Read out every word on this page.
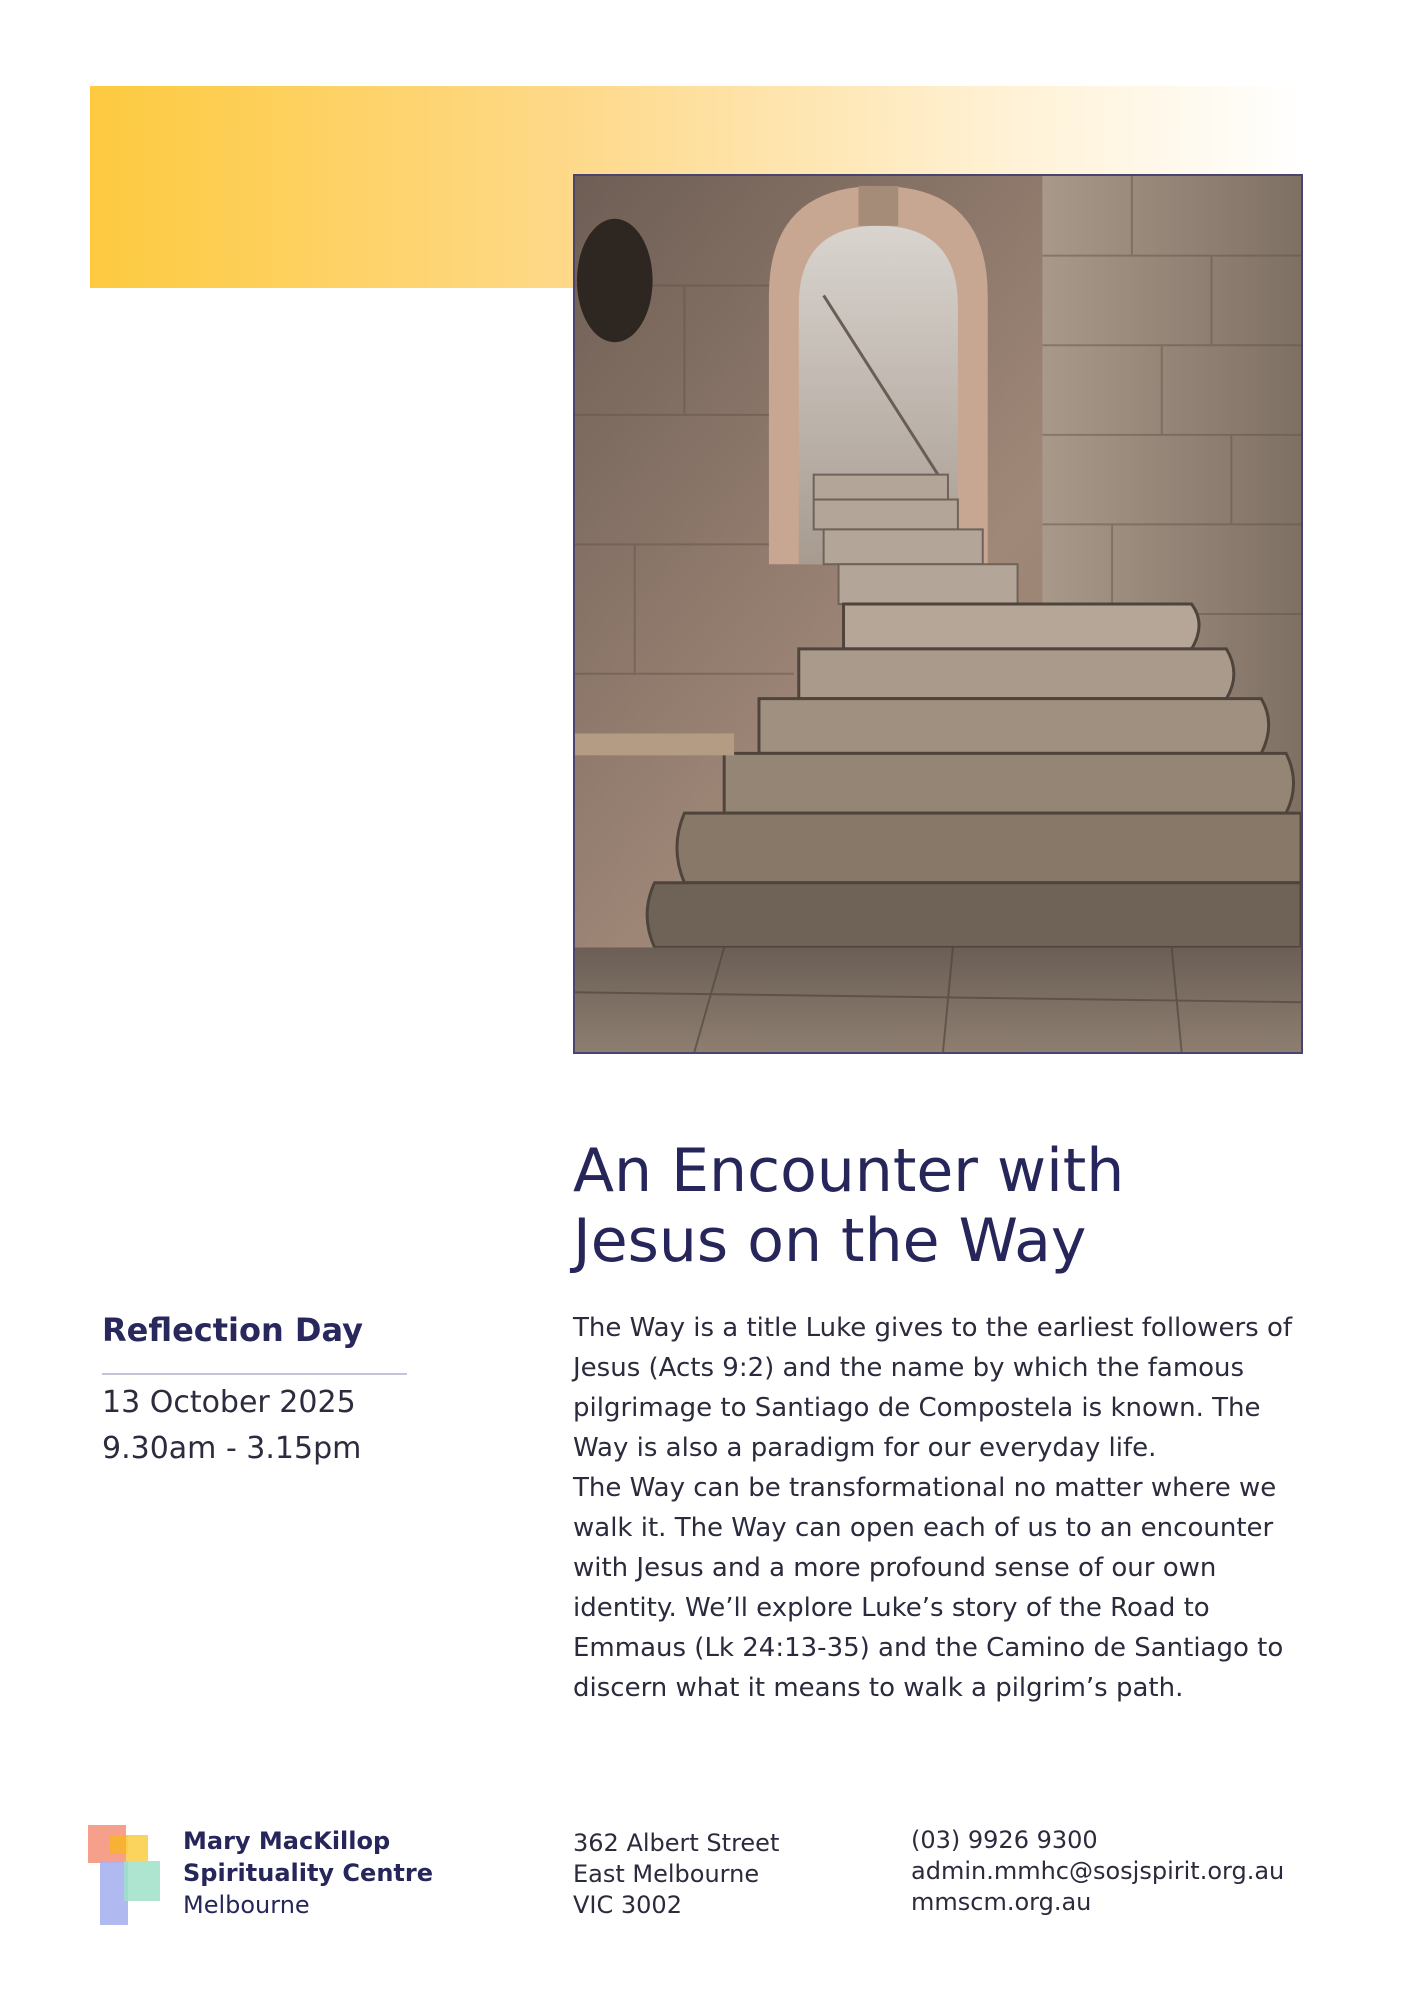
An Encounter with
Jesus on the Way
Reflection Day
13 October 2025
9.30am - 3.15pm

The Way is a title Luke gives to the earliest followers of Jesus (Acts 9:2) and the name by which the famous pilgrimage to Santiago de Compostela is known. The Way is also a paradigm for our everyday life.

The Way can be transformational no matter where we walk it. The Way can open each of us to an encounter with Jesus and a more profound sense of our own identity. We’ll explore Luke’s story of the Road to Emmaus (Lk 24:13-35) and the Camino de Santiago to discern what it means to walk a pilgrim’s path.

Mary MacKillop
Spirituality Centre
Melbourne
362 Albert Street
East Melbourne
VIC 3002
(03) 9926 9300
admin.mmhc@sosjspirit.org.au
mmscm.org.au
